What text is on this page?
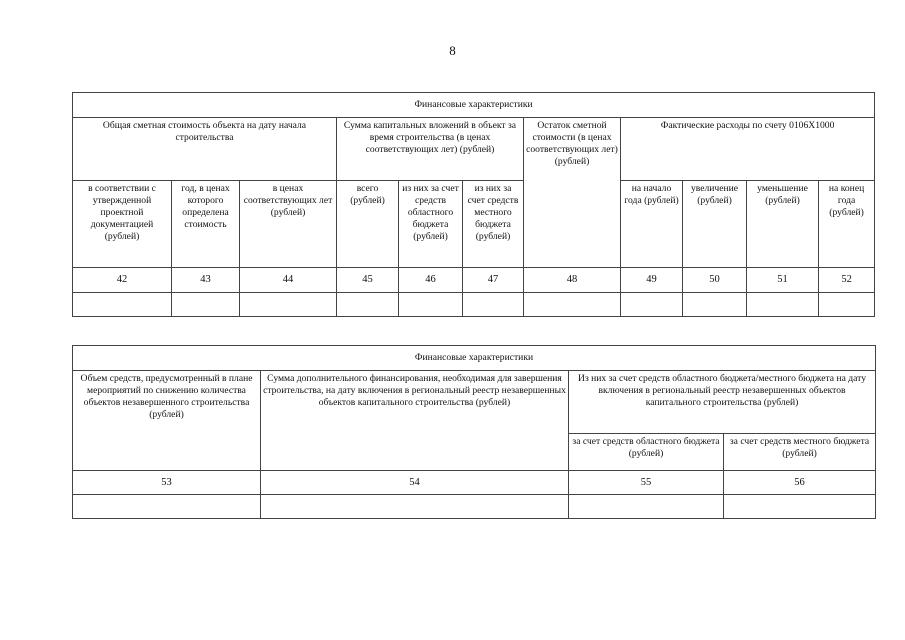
8
Финансовые характеристики										
Общая сметная стоимость объекта на дату начала строительства			Сумма капитальных вложений в объект за время строительства (в ценах соответствующих лет) (рублей)			Остаток сметной стоимости (в ценах соответствующих лет) (рублей)	Фактические расходы по счету 0106Х1000			
в соответствии с утвержденной проектной документацией (рублей)	год, в ценах которого определена стоимость	в ценах соответствующих лет (рублей)	всего (рублей)	из них за счет средств областного бюджета (рублей)	из них за счет средств местного бюджета (рублей)		на начало года (рублей)	увеличение (рублей)	уменьшение (рублей)	на конец года (рублей)
42	43	44	45	46	47	48	49	50	51	52

Финансовые характеристики			
Объем средств, предусмотренный в плане мероприятий по снижению количества объектов незавершенного строительства (рублей)	Сумма дополнительного финансирования, необходимая для завершения строительства, на дату включения в региональный реестр незавершенных объектов капитального строительства (рублей)	Из них за счет средств областного бюджета/местного бюджета на дату включения в региональный реестр незавершенных объектов капитального строительства (рублей)	
		за счет средств областного бюджета (рублей)	за счет средств местного бюджета (рублей)
53	54	55	56
